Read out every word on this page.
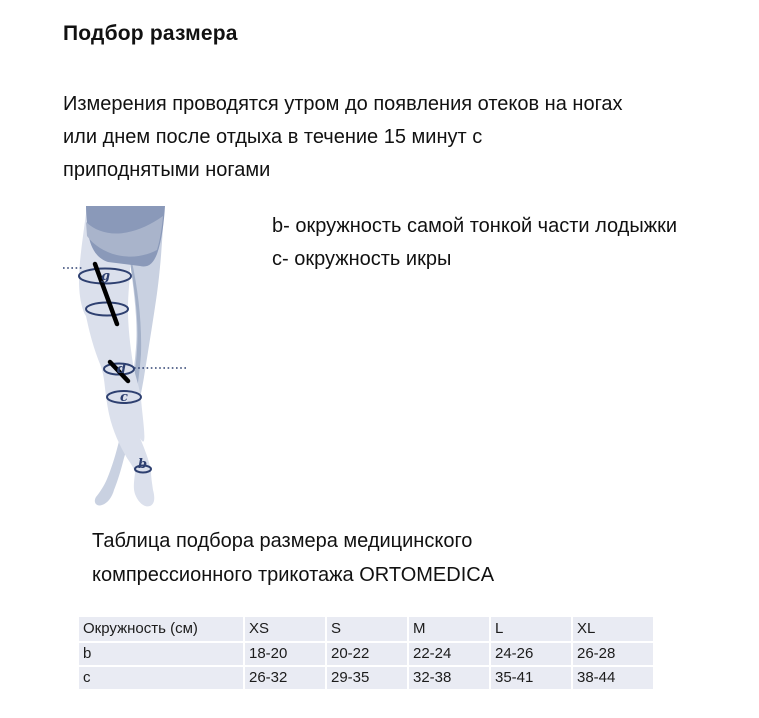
Подбор размера

Измерения проводятся утром до появления отеков на ногах или днем после отдыха в течение 15 минут с приподнятыми ногами

g
d
c
b

b- окружность самой тонкой части лодыжки

c- окружность икры

Таблица подбора размера медицинского компрессионного трикотажа ORTOMEDICA
Окружность (см)	XS	S	M	L	XL
b	18-20	20-22	22-24	24-26	26-28
c	26-32	29-35	32-38	35-41	38-44
